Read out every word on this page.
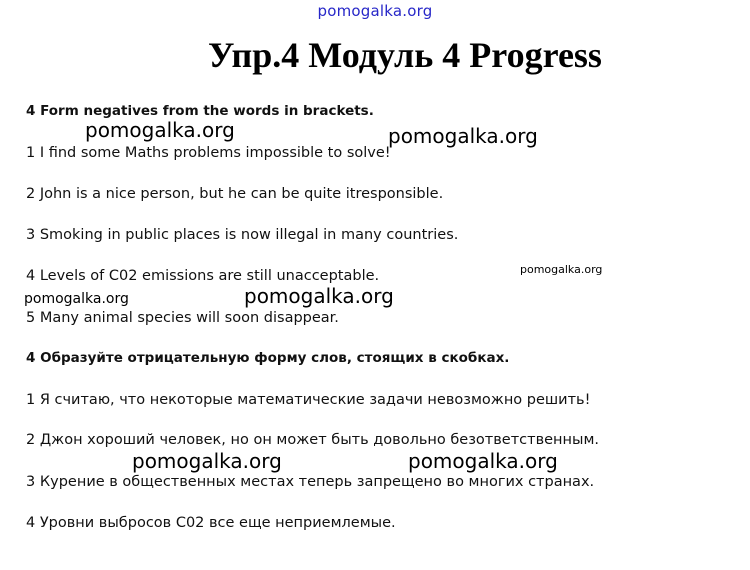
pomogalka.org
Упр.4 Модуль 4 Progress
4 Form negatives from the words in brackets.
1 I find some Maths problems impossible to solve!
2 John is a nice person, but he can be quite itresponsible.
3 Smoking in public places is now illegal in many countries.
4 Levels of C02 emissions are still unacceptable.
5 Many animal species will soon disappear.
4 Образуйте отрицательную форму слов, стоящих в скобках.
1 Я считаю, что некоторые математические задачи невозможно решить!
2 Джон хороший человек, но он может быть довольно безответственным.
3 Курение в общественных местах теперь запрещено во многих странах.
4 Уровни выбросов C02 все еще неприемлемые.
pomogalka.org	pomogalka.org
pomogalka.org
pomogalka.org	pomogalka.org
pomogalka.org	pomogalka.org
